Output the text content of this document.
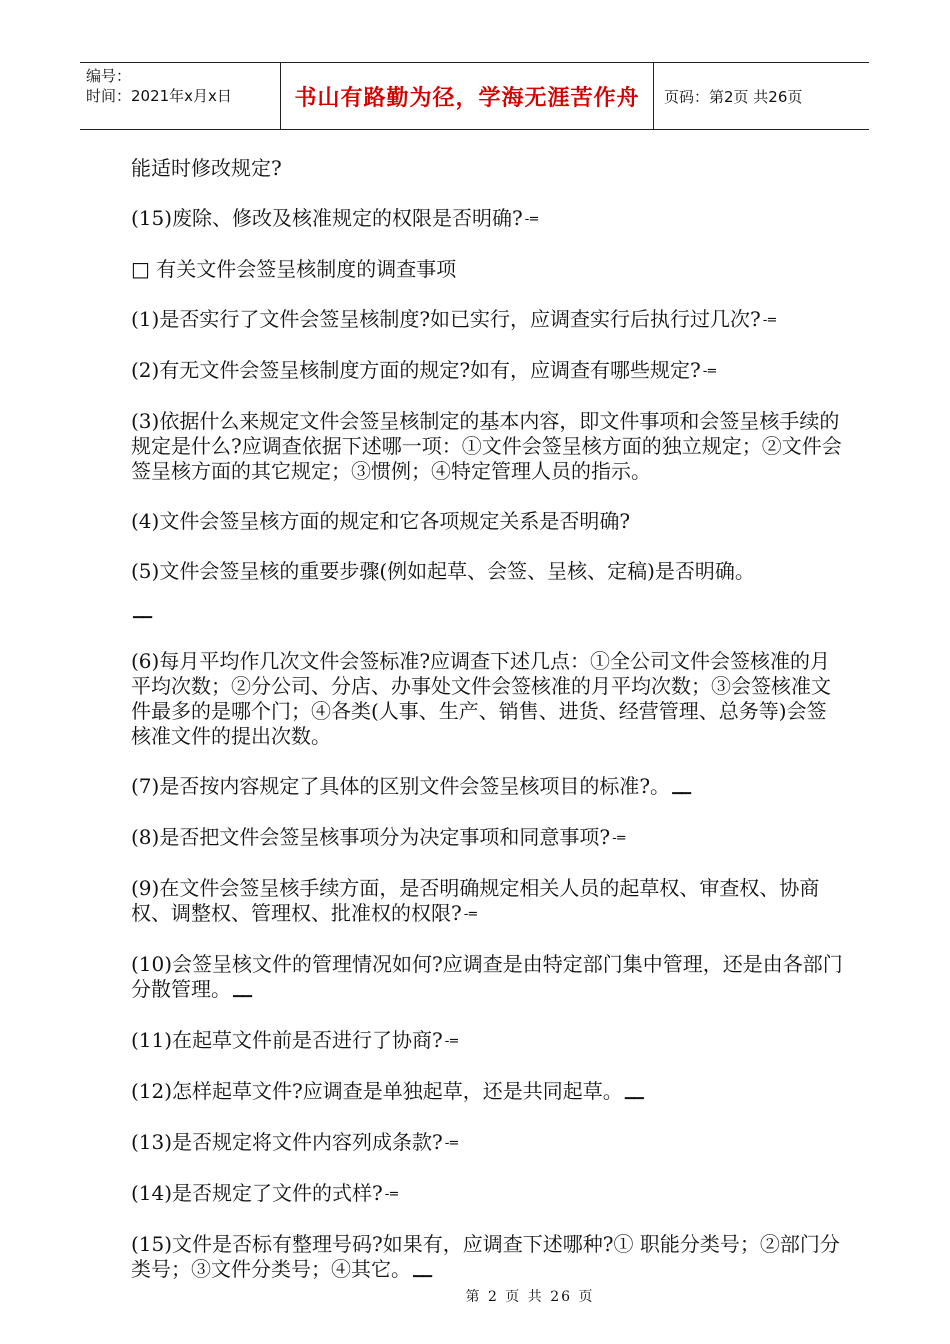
编号：
时间：2021年x月x日	书山有路勤为径，学海无涯苦作舟	页码：第2页 共26页

能适时修改规定?

(15)废除、修改及核准规定的权限是否明确? -=

□ 有关文件会签呈核制度的调查事项

(1)是否实行了文件会签呈核制度?如已实行，应调查实行后执行过几次? -=

(2)有无文件会签呈核制度方面的规定?如有，应调查有哪些规定? -=

(3)依据什么来规定文件会签呈核制定的基本内容，即文件事项和会签呈核手续的规定是什么?应调查依据下述哪一项：①文件会签呈核方面的独立规定；②文件会签呈核方面的其它规定；③惯例；④特定管理人员的指示。

(4)文件会签呈核方面的规定和它各项规定关系是否明确?

(5)文件会签呈核的重要步骤(例如起草、会签、呈核、定稿)是否明确。

▁▁

(6)每月平均作几次文件会签标准?应调查下述几点：①全公司文件会签核准的月平均次数；②分公司、分店、办事处文件会签核准的月平均次数；③会签核准文件最多的是哪个门；④各类(人事、生产、销售、进货、经营管理、总务等)会签核准文件的提出次数。

(7)是否按内容规定了具体的区别文件会签呈核项目的标准?。 ▁▁

(8)是否把文件会签呈核事项分为决定事项和同意事项? -=

(9)在文件会签呈核手续方面，是否明确规定相关人员的起草权、审查权、协商权、调整权、管理权、批准权的权限? -=

(10)会签呈核文件的管理情况如何?应调查是由特定部门集中管理，还是由各部门分散管理。 ▁▁

(11)在起草文件前是否进行了协商? -=

(12)怎样起草文件?应调查是单独起草，还是共同起草。 ▁▁

(13)是否规定将文件内容列成条款? -=

(14)是否规定了文件的式样? -=

(15)文件是否标有整理号码?如果有，应调查下述哪种?① 职能分类号；②部门分类号；③文件分类号；④其它。 ▁▁

第 2 页 共 26 页
